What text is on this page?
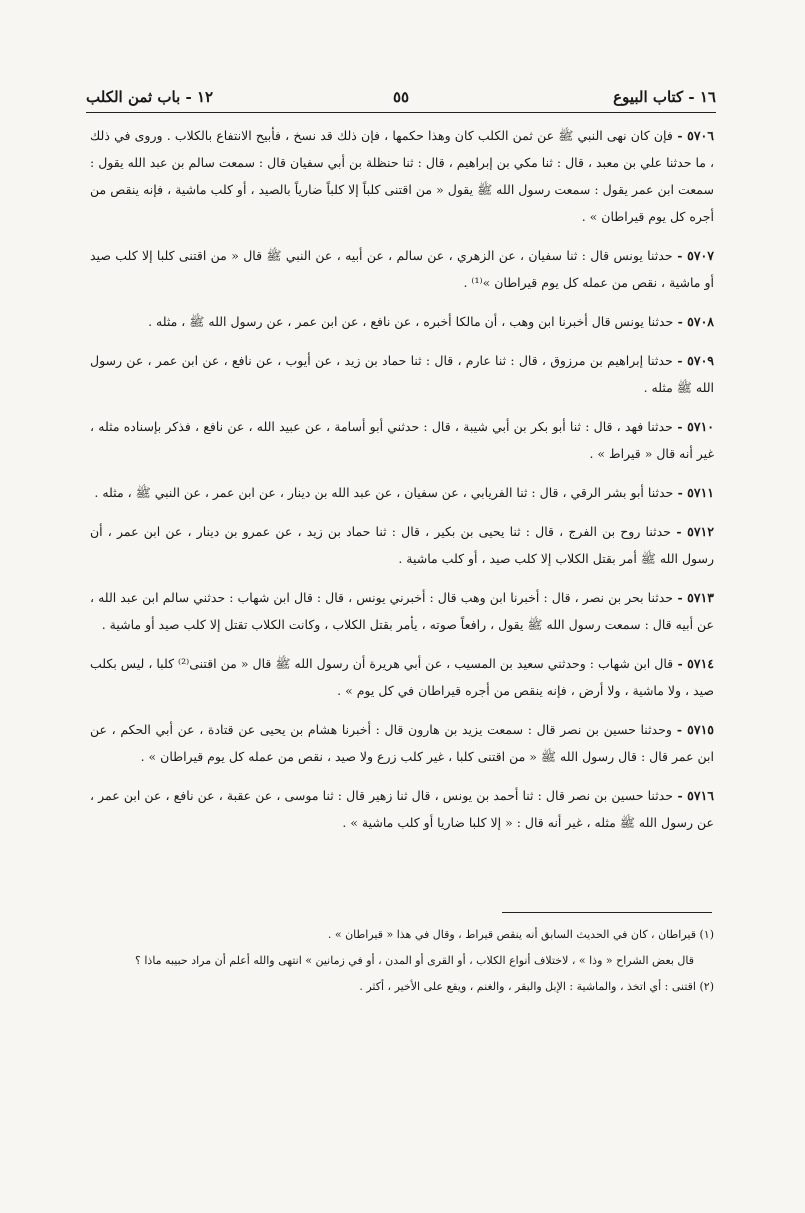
١٦ - كتاب البيوع
٥٥
١٢ - باب ثمن الكلب

٥٧٠٦ - فإن كان نهى النبي ﷺ عن ثمن الكلب كان وهذا حكمها ، فإن ذلك قد نسخ ، فأبيح الانتفاع بالكلاب . وروى في ذلك ، ما حدثنا علي بن معبد ، قال : ثنا مكي بن إبراهيم ، قال : ثنا حنظلة بن أبي سفيان قال : سمعت سالم بن عبد الله يقول : سمعت ابن عمر يقول : سمعت رسول الله ﷺ يقول « من اقتنى كلباً إلا كلباً ضارياً بالصيد ، أو كلب ماشية ، فإنه ينقص من أجره كل يوم قيراطان » .

٥٧٠٧ - حدثنا يونس قال : ثنا سفيان ، عن الزهري ، عن سالم ، عن أبيه ، عن النبي ﷺ قال « من اقتنى كلبا إلا كلب صيد أو ماشية ، نقص من عمله كل يوم قيراطان »⁽¹⁾ .

٥٧٠٨ - حدثنا يونس قال أخبرنا ابن وهب ، أن مالكا أخبره ، عن نافع ، عن ابن عمر ، عن رسول الله ﷺ ، مثله .

٥٧٠٩ - حدثنا إبراهيم بن مرزوق ، قال : ثنا عارم ، قال : ثنا حماد بن زيد ، عن أيوب ، عن نافع ، عن ابن عمر ، عن رسول الله ﷺ مثله .

٥٧١٠ - حدثنا فهد ، قال : ثنا أبو بكر بن أبي شيبة ، قال : حدثني أبو أسامة ، عن عبيد الله ، عن نافع ، فذكر بإسناده مثله ، غير أنه قال « قيراط » .

٥٧١١ - حدثنا أبو بشر الرقي ، قال : ثنا الفريابي ، عن سفيان ، عن عبد الله بن دينار ، عن ابن عمر ، عن النبي ﷺ ، مثله .

٥٧١٢ - حدثنا روح بن الفرج ، قال : ثنا يحيى بن بكير ، قال : ثنا حماد بن زيد ، عن عمرو بن دينار ، عن ابن عمر ، أن رسول الله ﷺ أمر بقتل الكلاب إلا كلب صيد ، أو كلب ماشية .

٥٧١٣ - حدثنا بحر بن نصر ، قال : أخبرنا ابن وهب قال : أخبرني يونس ، قال : قال ابن شهاب : حدثني سالم ابن عبد الله ، عن أبيه قال : سمعت رسول الله ﷺ يقول ، رافعاً صوته ، يأمر بقتل الكلاب ، وكانت الكلاب تقتل إلا كلب صيد أو ماشية .

٥٧١٤ - قال ابن شهاب : وحدثني سعيد بن المسيب ، عن أبي هريرة أن رسول الله ﷺ قال « من اقتنى⁽²⁾ كلبا ، ليس بكلب صيد ، ولا ماشية ، ولا أرض ، فإنه ينقص من أجره قيراطان في كل يوم » .

٥٧١٥ - وحدثنا حسين بن نصر قال : سمعت يزيد بن هارون قال : أخبرنا هشام بن يحيى عن قتادة ، عن أبي الحكم ، عن ابن عمر قال : قال رسول الله ﷺ « من اقتنى كلبا ، غير كلب زرع ولا صيد ، نقص من عمله كل يوم قيراطان » .

٥٧١٦ - حدثنا حسين بن نصر قال : ثنا أحمد بن يونس ، قال ثنا زهير قال : ثنا موسى ، عن عقبة ، عن نافع ، عن ابن عمر ، عن رسول الله ﷺ مثله ، غير أنه قال : « إلا كلبا ضاريا أو كلب ماشية » .

(١) قيراطان ، كان في الحديث السابق أنه ينقص قيراط ، وقال في هذا « قيراطان » .

قال بعض الشراح « وذا » ، لاختلاف أنواع الكلاب ، أو القرى أو المدن ، أو في زمانين » انتهى والله أعلم أن مراد حبيبه ماذا ؟

(٢) اقتنى : أي اتخذ ، والماشية : الإبل والبقر ، والغنم ، ويقع على الأخير ، أكثر .
